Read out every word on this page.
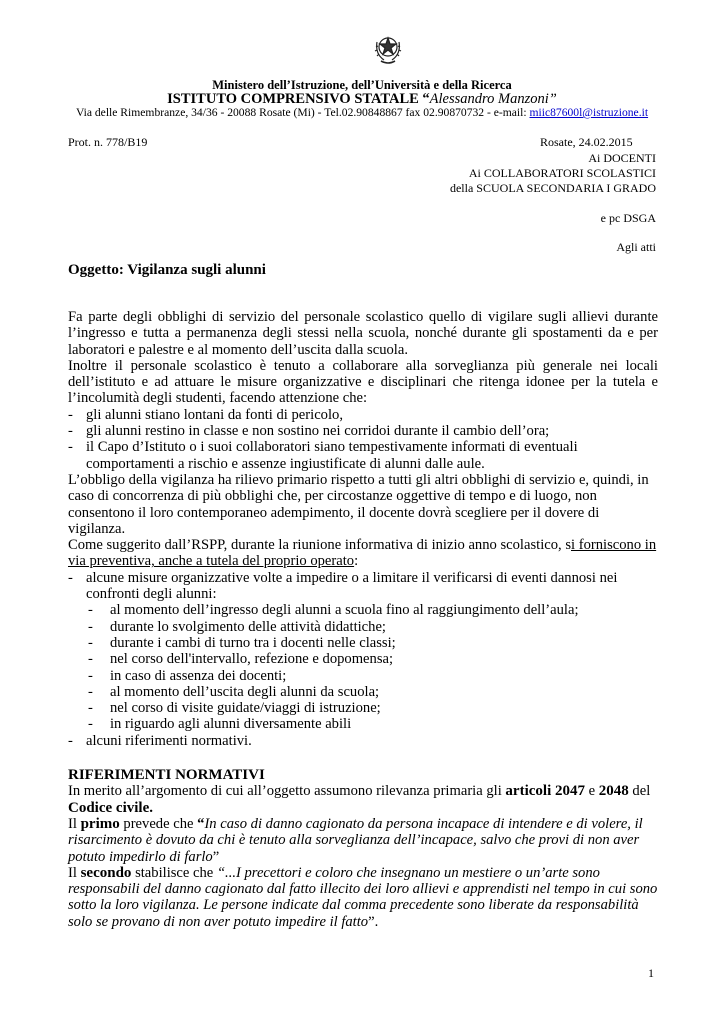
Ministero dell’Istruzione, dell’Università e della Ricerca
ISTITUTO COMPRENSIVO STATALE “Alessandro Manzoni”
Via delle Rimembranze, 34/36 - 20088 Rosate (Mi) - Tel.02.90848867 fax 02.90870732 - e-mail: miic87600l@istruzione.it
Prot. n. 778/B19	Rosate, 24.02.2015
Ai DOCENTI
Ai COLLABORATORI SCOLASTICI
della SCUOLA SECONDARIA I GRADO
e pc DSGA
Agli atti
Oggetto: Vigilanza sugli alunni

Fa parte degli obblighi di servizio del personale scolastico quello di vigilare sugli allievi durante l’ingresso e tutta a permanenza degli stessi nella scuola, nonché durante gli spostamenti da e per laboratori e palestre e al momento dell’uscita dalla scuola.

Inoltre il personale scolastico è tenuto a collaborare alla sorveglianza più generale nei locali dell’istituto e ad attuare le misure organizzative e disciplinari che ritenga idonee per la tutela e l’incolumità degli studenti, facendo attenzione che:

- gli alunni stiano lontani da fonti di pericolo,
- gli alunni restino in classe e non sostino nei corridoi durante il cambio dell’ora;
- il Capo d’Istituto o i suoi collaboratori siano tempestivamente informati di eventuali comportamenti a rischio e assenze ingiustificate di alunni dalle aule.

L’obbligo della vigilanza ha rilievo primario rispetto a tutti gli altri obblighi di servizio e, quindi, in caso di concorrenza di più obblighi che, per circostanze oggettive di tempo e di luogo, non consentono il loro contemporaneo adempimento, il docente dovrà scegliere per il dovere di vigilanza.

Come suggerito dall’RSPP, durante la riunione informativa di inizio anno scolastico, si forniscono in via preventiva, anche a tutela del proprio operato:

- alcune misure organizzative volte a impedire o a limitare il verificarsi di eventi dannosi nei confronti degli alunni:
- al momento dell’ingresso degli alunni a scuola fino al raggiungimento dell’aula;
- durante lo svolgimento delle attività didattiche;
- durante i cambi di turno tra i docenti nelle classi;
- nel corso dell'intervallo, refezione e dopomensa;
- in caso di assenza dei docenti;
- al momento dell’uscita degli alunni da scuola;
- nel corso di visite guidate/viaggi di istruzione;
- in riguardo agli alunni diversamente abili
- alcuni riferimenti normativi.

RIFERIMENTI NORMATIVI

In merito all’argomento di cui all’oggetto assumono rilevanza primaria gli articoli 2047 e 2048 del Codice civile.

Il primo prevede che “In caso di danno cagionato da persona incapace di intendere e di volere, il risarcimento è dovuto da chi è tenuto alla sorveglianza dell’incapace, salvo che provi di non aver potuto impedirlo di farlo”

Il secondo stabilisce che “...I precettori e coloro che insegnano un mestiere o un’arte sono responsabili del danno cagionato dal fatto illecito dei loro allievi e apprendisti nel tempo in cui sono sotto la loro vigilanza. Le persone indicate dal comma precedente sono liberate da responsabilità solo se provano di non aver potuto impedire il fatto”.

1
